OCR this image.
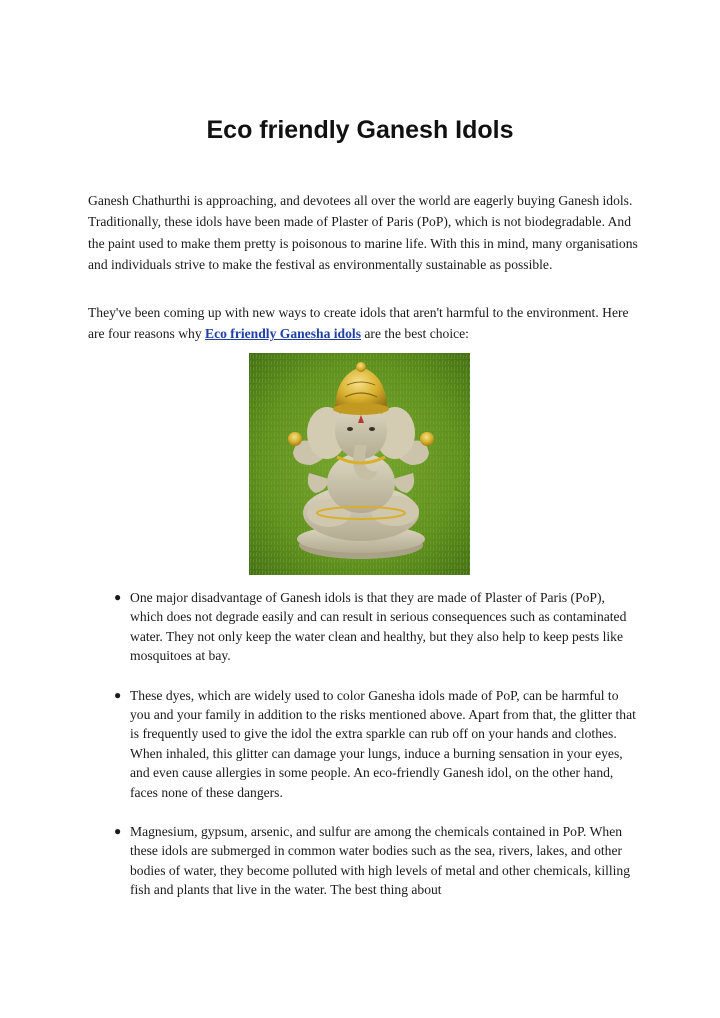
Eco friendly Ganesh Idols

Ganesh Chathurthi is approaching, and devotees all over the world are eagerly buying Ganesh idols. Traditionally, these idols have been made of Plaster of Paris (PoP), which is not biodegradable. And the paint used to make them pretty is poisonous to marine life. With this in mind, many organisations and individuals strive to make the festival as environmentally sustainable as possible.

They've been coming up with new ways to create idols that aren't harmful to the environment. Here are four reasons why Eco friendly Ganesha idols are the best choice:

● One major disadvantage of Ganesh idols is that they are made of Plaster of Paris (PoP), which does not degrade easily and can result in serious consequences such as contaminated water. They not only keep the water clean and healthy, but they also help to keep pests like mosquitoes at bay.
● These dyes, which are widely used to color Ganesha idols made of PoP, can be harmful to you and your family in addition to the risks mentioned above. Apart from that, the glitter that is frequently used to give the idol the extra sparkle can rub off on your hands and clothes. When inhaled, this glitter can damage your lungs, induce a burning sensation in your eyes, and even cause allergies in some people. An eco-friendly Ganesh idol, on the other hand, faces none of these dangers.
● Magnesium, gypsum, arsenic, and sulfur are among the chemicals contained in PoP. When these idols are submerged in common water bodies such as the sea, rivers, lakes, and other bodies of water, they become polluted with high levels of metal and other chemicals, killing fish and plants that live in the water. The best thing about
